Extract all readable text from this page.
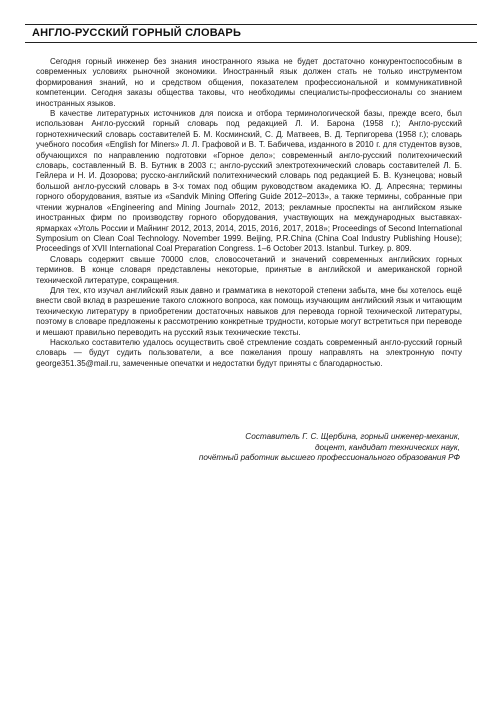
АНГЛО-РУССКИЙ ГОРНЫЙ СЛОВАРЬ

Сегодня горный инженер без знания иностранного языка не будет достаточно конкурентоспособным в современных условиях рыночной экономики. Иностранный язык должен стать не только инструментом формирования знаний, но и средством общения, показателем профессиональной и коммуникативной компетенции. Сегодня заказы общества таковы, что необходимы специалисты-профессионалы со знанием иностранных языков.

В качестве литературных источников для поиска и отбора терминологической базы, прежде всего, был использован Англо-русский горный словарь под редакцией Л. И. Барона (1958 г.); Англо-русский горнотехнический словарь составителей Б. М. Косминский, С. Д. Матвеев, В. Д. Терпигорева (1958 г.); словарь учебного пособия «English for Miners» Л. Л. Графовой и В. Т. Бабичева, изданного в 2010 г. для студентов вузов, обучающихся по направлению подготовки «Горное дело»; современный англо-русский политехнический словарь, составленный В. В. Бутник в 2003 г.; англо-русский электротехнический словарь составителей Л. Б. Гейлера и Н. И. Дозорова; русско-английский политехнический словарь под редакцией Б. В. Кузнецова; новый большой англо-русский словарь в 3-х томах под общим руководством академика Ю. Д. Апресяна; термины горного оборудования, взятые из «Sandvik Mining Offering Guide 2012–2013», а также термины, собранные при чтении журналов «Engineering and Mining Journal» 2012, 2013; рекламные проспекты на английском языке иностранных фирм по производству горного оборудования, участвующих на международных выставках-ярмарках «Уголь России и Майнинг 2012, 2013, 2014, 2015, 2016, 2017, 2018»; Proceedings of Second International Symposium on Clean Coal Technology. November 1999. Beijing, P.R.China (China Coal Industry Publishing House); Proceedings of XVII International Coal Preparation Congress. 1–6 October 2013. Istanbul. Turkey. p. 809.

Словарь содержит свыше 70000 слов, словосочетаний и значений современных английских горных терминов. В конце словаря представлены некоторые, принятые в английской и американской горной технической литературе, сокращения.

Для тех, кто изучал английский язык давно и грамматика в некоторой степени забыта, мне бы хотелось ещё внести свой вклад в разрешение такого сложного вопроса, как помощь изучающим английский язык и читающим техническую литературу в приобретении достаточных навыков для перевода горной технической литературы, поэтому в словаре предложены к рассмотрению конкретные трудности, которые могут встретиться при переводе и мешают правильно переводить на русский язык технические тексты.

Насколько составителю удалось осуществить своё стремление создать современный англо-русский горный словарь — будут судить пользователи, а все пожелания прошу направлять на электронную почту george351.35@mail.ru, замеченные опечатки и недостатки будут приняты с благодарностью.

Составитель Г. С. Щербина, горный инженер-механик,
доцент, кандидат технических наук,
почётный работник высшего профессионального образования РФ
